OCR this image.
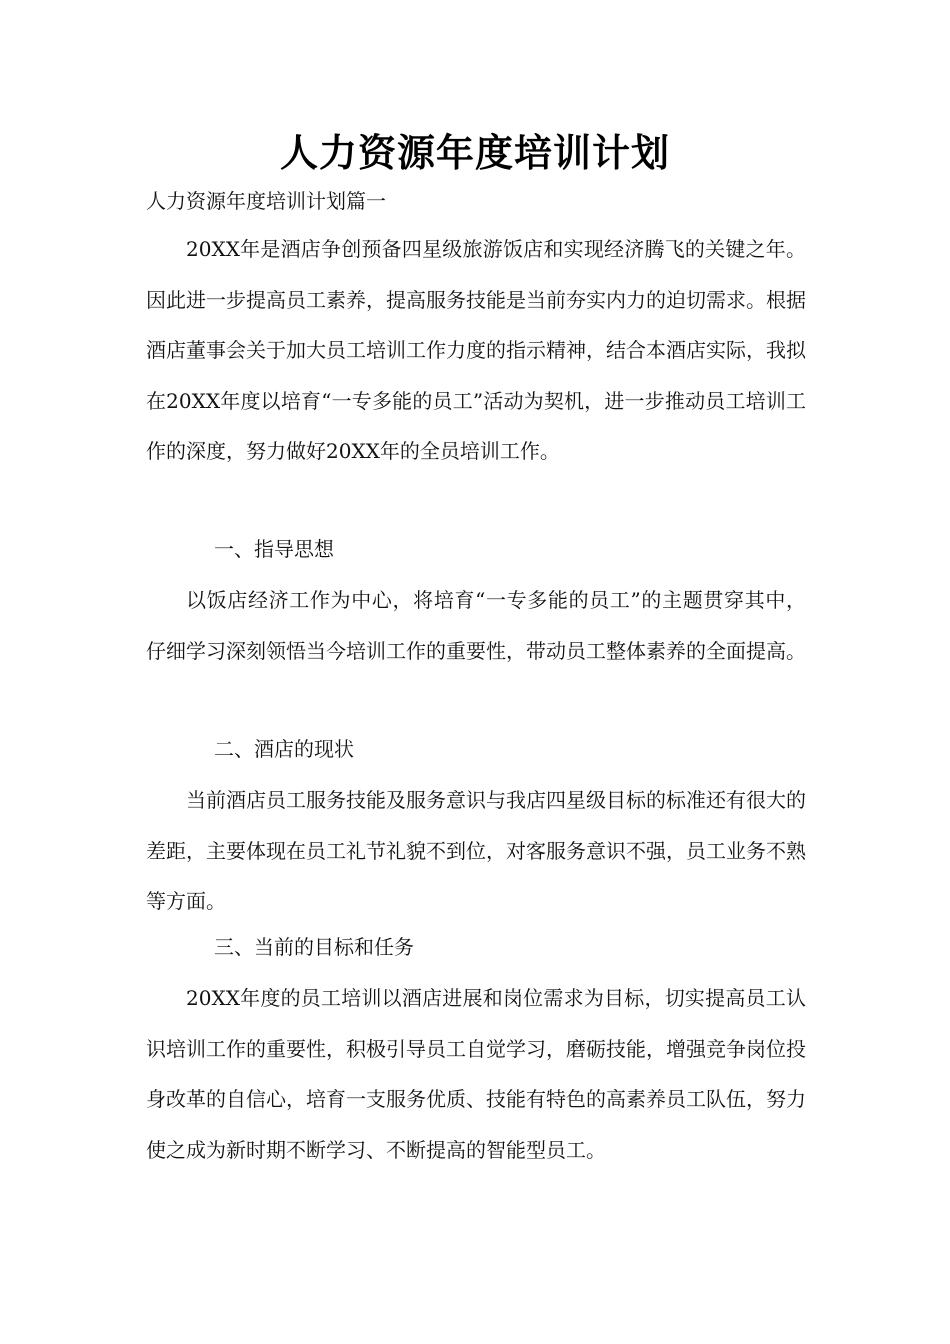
人力资源年度培训计划
人力资源年度培训计划篇一

20XX年是酒店争创预备四星级旅游饭店和实现经济腾飞的关键之年。因此进一步提高员工素养，提高服务技能是当前夯实内力的迫切需求。根据酒店董事会关于加大员工培训工作力度的指示精神，结合本酒店实际，我拟在20XX年度以培育“一专多能的员工”活动为契机，进一步推动员工培训工作的深度，努力做好20XX年的全员培训工作。

一、指导思想

以饭店经济工作为中心，将培育“一专多能的员工”的主题贯穿其中，仔细学习深刻领悟当今培训工作的重要性，带动员工整体素养的全面提高。

二、酒店的现状

当前酒店员工服务技能及服务意识与我店四星级目标的标准还有很大的差距，主要体现在员工礼节礼貌不到位，对客服务意识不强，员工业务不熟等方面。

三、当前的目标和任务

20XX年度的员工培训以酒店进展和岗位需求为目标，切实提高员工认识培训工作的重要性，积极引导员工自觉学习，磨砺技能，增强竞争岗位投身改革的自信心，培育一支服务优质、技能有特色的高素养员工队伍，努力使之成为新时期不断学习、不断提高的智能型员工。
